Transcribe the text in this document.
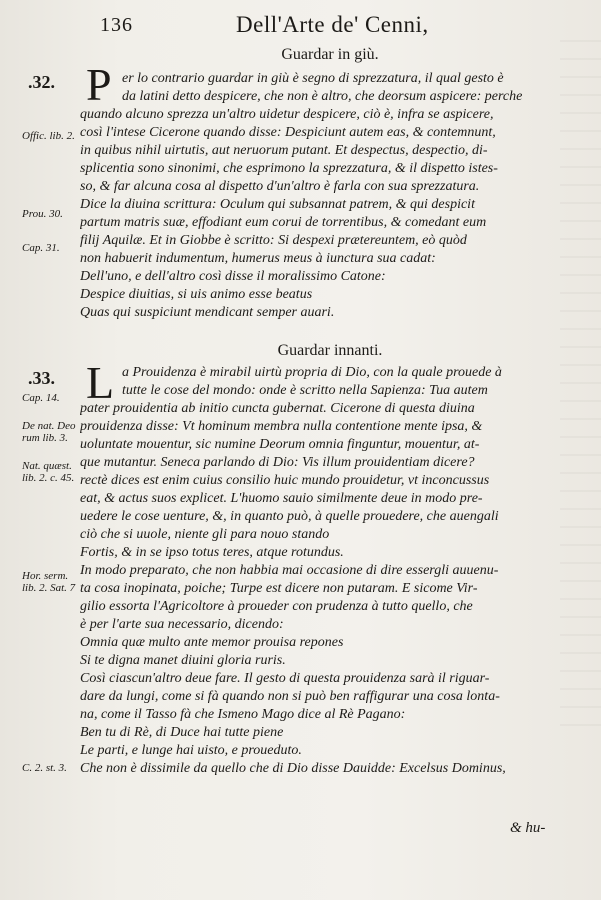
136	Dell'Arte de' Cenni,
Guardar in giù.
.32. P
Offic. lib. 2.
Prou. 30.
Cap. 31.
er lo contrario guardar in giù è segno di sprezzatura, il qual gesto è
da latini detto despicere, che non è altro, che deorsum aspicere: perche
quando alcuno sprezza un'altro uidetur despicere, ciò è, infra se aspicere,
così l'intese Cicerone quando disse: Despiciunt autem eas, & contemnunt,
in quibus nihil uirtutis, aut neruorum putant. Et despectus, despectio, di-
splicentia sono sinonimi, che esprimono la sprezzatura, & il dispetto istes-
so, & far alcuna cosa al dispetto d'un'altro è farla con sua sprezzatura.
Dice la diuina scrittura: Oculum qui subsannat patrem, & qui despicit
partum matris suæ, effodiant eum corui de torrentibus, & comedant eum
filij Aquilæ. Et in Giobbe è scritto: Si despexi prætereuntem, eò quòd
non habuerit indumentum, humerus meus à iunctura sua cadat:
Dell'uno, e dell'altro così disse il moralissimo Catone:
Despice diuitias, si uis animo esse beatus
Quas qui suspiciunt mendicant semper auari.
Guardar innanti.
.33. L
Cap. 14.
De nat. Deo rum lib. 3.
Nat. quæst. lib. 2. c. 45.
Hor. serm. lib. 2. Sat. 7
C. 2. st. 3.
a Prouidenza è mirabil uirtù propria di Dio, con la quale prouede à
tutte le cose del mondo: onde è scritto nella Sapienza: Tua autem
pater prouidentia ab initio cuncta gubernat. Cicerone di questa diuina
prouidenza disse: Vt hominum membra nulla contentione mente ipsa, &
uoluntate mouentur, sic numine Deorum omnia finguntur, mouentur, at-
que mutantur. Seneca parlando di Dio: Vis illum prouidentiam dicere?
rectè dices est enim cuius consilio huic mundo prouidetur, vt inconcussus
eat, & actus suos explicet. L'huomo sauio similmente deue in modo pre-
uedere le cose uenture, &, in quanto può, à quelle prouedere, che auengali
ciò che si uuole, niente gli para nouo stando
Fortis, & in se ipso totus teres, atque rotundus.
In modo preparato, che non habbia mai occasione di dire essergli auuenu-
ta cosa inopinata, poiche; Turpe est dicere non putaram. E sicome Vir-
gilio essorta l'Agricoltore à proueder con prudenza à tutto quello, che
è per l'arte sua necessario, dicendo:
Omnia quæ multo ante memor prouisa repones
Si te digna manet diuini gloria ruris.
Così ciascun'altro deue fare. Il gesto di questa prouidenza sarà il riguar-
dare da lungi, come si fà quando non si può ben raffigurar una cosa lonta-
na, come il Tasso fà che Ismeno Mago dice al Rè Pagano:
Ben tu di Rè, di Duce hai tutte piene
Le parti, e lunge hai uisto, e proueduto.
Che non è dissimile da quello che di Dio disse Dauidde: Excelsus Dominus,
& hu-
